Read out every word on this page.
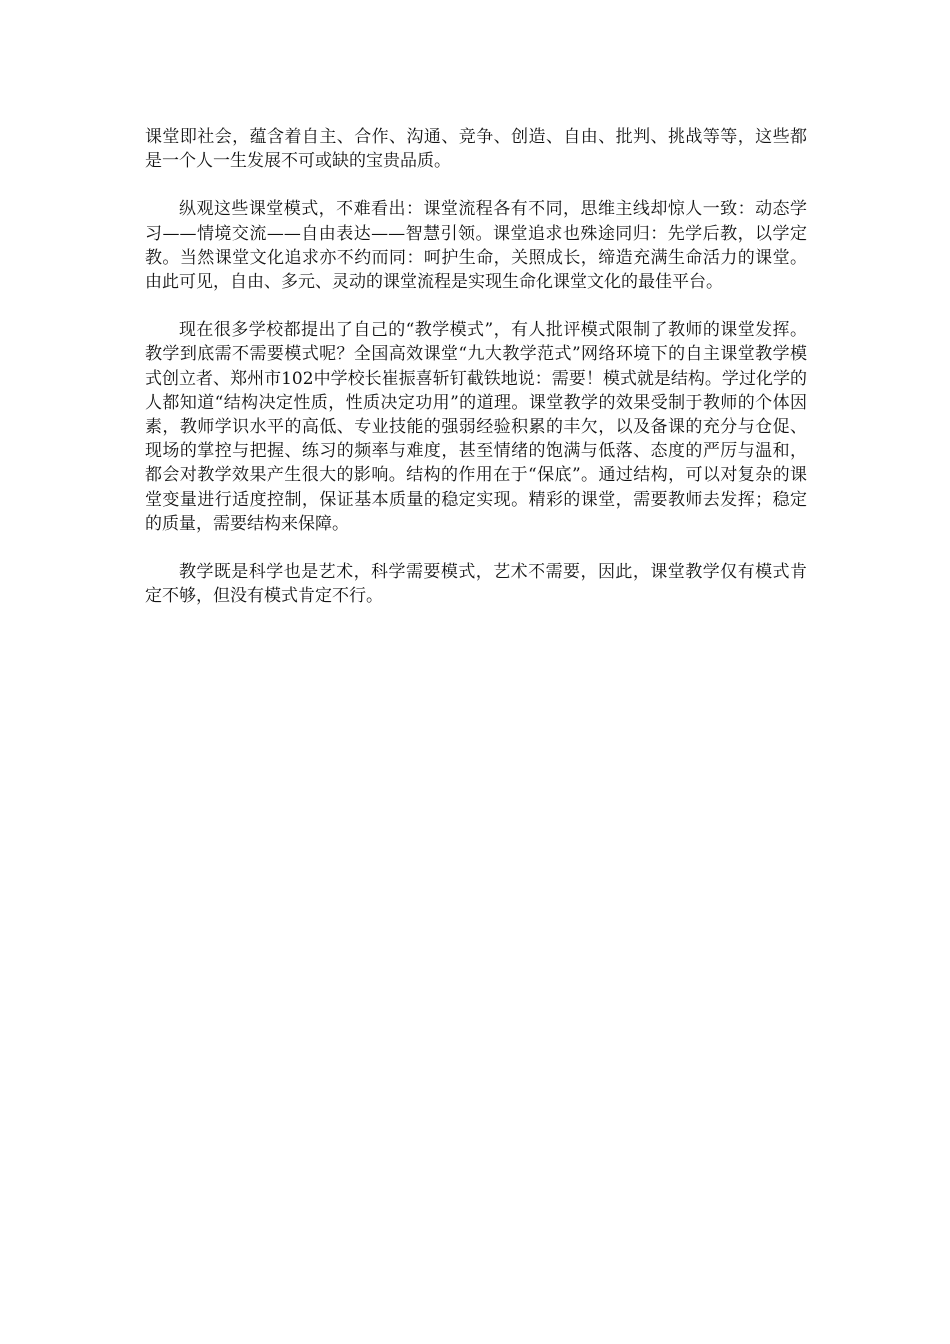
课堂即社会，蕴含着自主、合作、沟通、竞争、创造、自由、批判、挑战等等，这些都是一个人一生发展不可或缺的宝贵品质。

纵观这些课堂模式，不难看出：课堂流程各有不同，思维主线却惊人一致：动态学习——情境交流——自由表达——智慧引领。课堂追求也殊途同归：先学后教，以学定教。当然课堂文化追求亦不约而同：呵护生命，关照成长，缔造充满生命活力的课堂。由此可见，自由、多元、灵动的课堂流程是实现生命化课堂文化的最佳平台。

现在很多学校都提出了自己的“教学模式”，有人批评模式限制了教师的课堂发挥。教学到底需不需要模式呢？全国高效课堂“九大教学范式”网络环境下的自主课堂教学模式创立者、郑州市102中学校长崔振喜斩钉截铁地说：需要！模式就是结构。学过化学的人都知道“结构决定性质，性质决定功用”的道理。课堂教学的效果受制于教师的个体因素，教师学识水平的高低、专业技能的强弱经验积累的丰欠，以及备课的充分与仓促、现场的掌控与把握、练习的频率与难度，甚至情绪的饱满与低落、态度的严厉与温和，都会对教学效果产生很大的影响。结构的作用在于“保底”。通过结构，可以对复杂的课堂变量进行适度控制，保证基本质量的稳定实现。精彩的课堂，需要教师去发挥；稳定的质量，需要结构来保障。

教学既是科学也是艺术，科学需要模式，艺术不需要，因此，课堂教学仅有模式肯定不够，但没有模式肯定不行。
